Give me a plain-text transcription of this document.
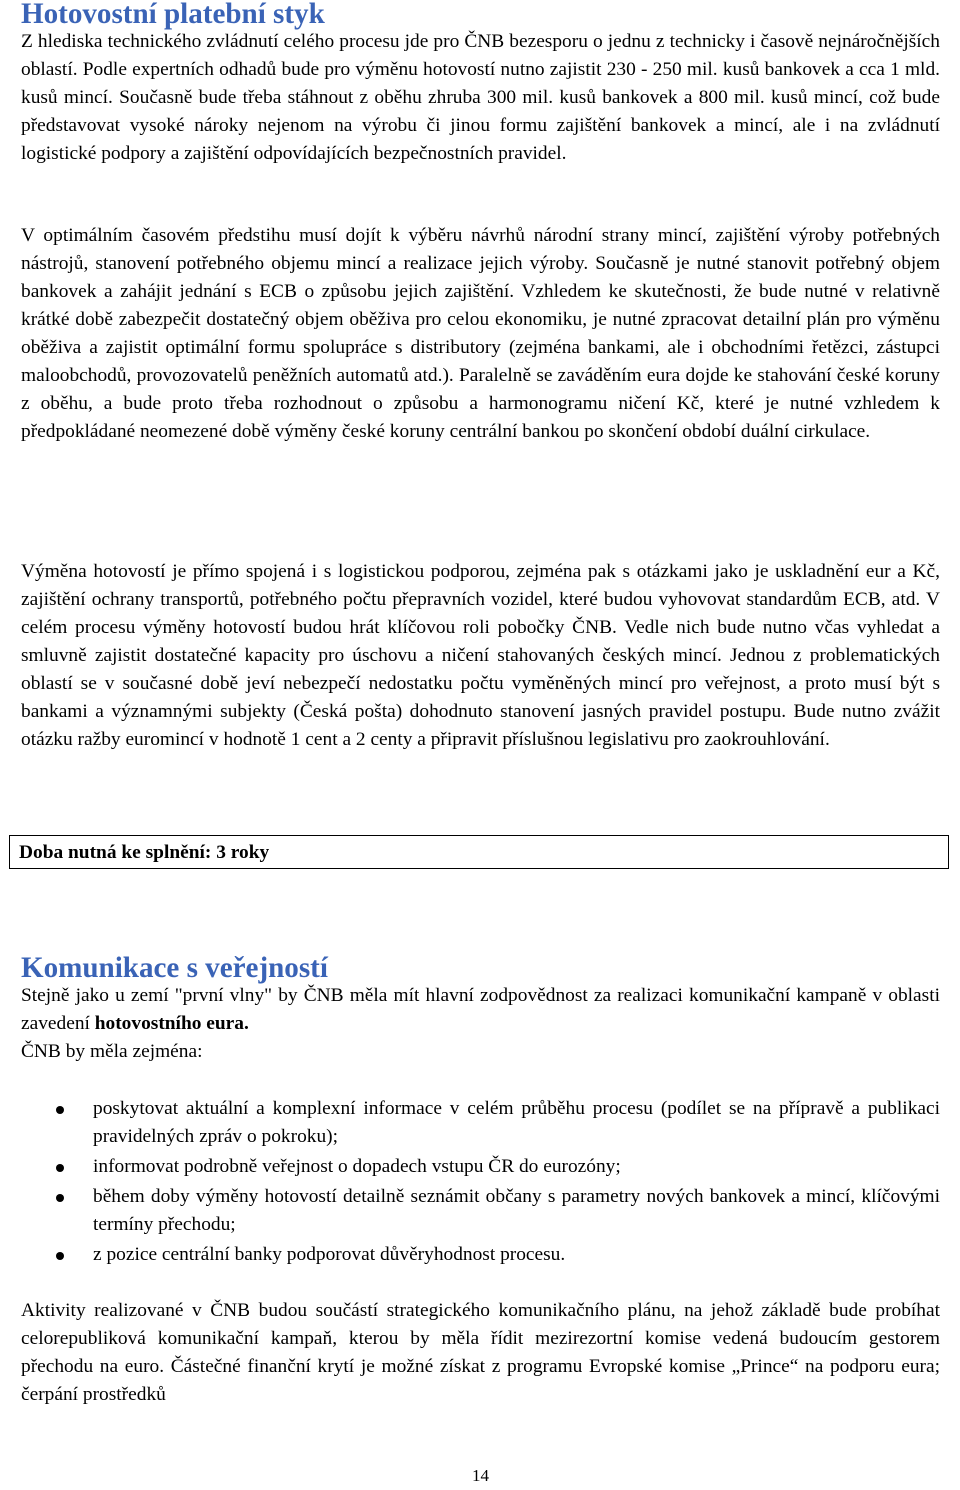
Hotovostní platební styk

Z hlediska technického zvládnutí celého procesu jde pro ČNB bezesporu o jednu z technicky i časově nejnáročnějších oblastí. Podle expertních odhadů bude pro výměnu hotovostí nutno zajistit 230 - 250 mil. kusů bankovek a cca 1 mld. kusů mincí. Současně bude třeba stáhnout z oběhu zhruba 300 mil. kusů bankovek a 800 mil. kusů mincí, což bude představovat vysoké nároky nejenom na výrobu či jinou formu zajištění bankovek a mincí, ale i na zvládnutí logistické podpory a zajištění odpovídajících bezpečnostních pravidel.

V optimálním časovém předstihu musí dojít k výběru návrhů národní strany mincí, zajištění výroby potřebných nástrojů, stanovení potřebného objemu mincí a realizace jejich výroby. Současně je nutné stanovit potřebný objem bankovek a zahájit jednání s ECB o způsobu jejich zajištění. Vzhledem ke skutečnosti, že bude nutné v relativně krátké době zabezpečit dostatečný objem oběživa pro celou ekonomiku, je nutné zpracovat detailní plán pro výměnu oběživa a zajistit optimální formu spolupráce s distributory (zejména bankami, ale i obchodními řetězci, zástupci maloobchodů, provozovatelů peněžních automatů atd.). Paralelně se zaváděním eura dojde ke stahování české koruny z oběhu, a bude proto třeba rozhodnout o způsobu a harmonogramu ničení Kč, které je nutné vzhledem k předpokládané neomezené době výměny české koruny centrální bankou po skončení období duální cirkulace.

Výměna hotovostí je přímo spojená i s logistickou podporou, zejména pak s otázkami jako je uskladnění eur a Kč, zajištění ochrany transportů, potřebného počtu přepravních vozidel, které budou vyhovovat standardům ECB, atd. V celém procesu výměny hotovostí budou hrát klíčovou roli pobočky ČNB. Vedle nich bude nutno včas vyhledat a smluvně zajistit dostatečné kapacity pro úschovu a ničení stahovaných českých mincí. Jednou z problematických oblastí se v současné době jeví nebezpečí nedostatku počtu vyměněných mincí pro veřejnost, a proto musí být s bankami a významnými subjekty (Česká pošta) dohodnuto stanovení jasných pravidel postupu. Bude nutno zvážit otázku ražby euromincí v hodnotě 1 cent a 2 centy a připravit příslušnou legislativu pro zaokrouhlování.

Doba nutná ke splnění: 3 roky
Komunikace s veřejností

Stejně jako u zemí "první vlny" by ČNB měla mít hlavní zodpovědnost za realizaci komunikační kampaně v oblasti zavedení hotovostního eura.

ČNB by měla zejména:

poskytovat aktuální a komplexní informace v celém průběhu procesu (podílet se na přípravě a publikaci pravidelných zpráv o pokroku);
informovat podrobně veřejnost o dopadech vstupu ČR do eurozóny;
během doby výměny hotovostí detailně seznámit občany s parametry nových bankovek a mincí, klíčovými termíny přechodu;
z pozice centrální banky podporovat důvěryhodnost procesu.

Aktivity realizované v ČNB budou součástí strategického komunikačního plánu, na jehož základě bude probíhat celorepubliková komunikační kampaň, kterou by měla řídit mezirezortní komise vedená budoucím gestorem přechodu na euro. Částečné finanční krytí je možné získat z programu Evropské komise „Prince“ na podporu eura; čerpání prostředků

14
